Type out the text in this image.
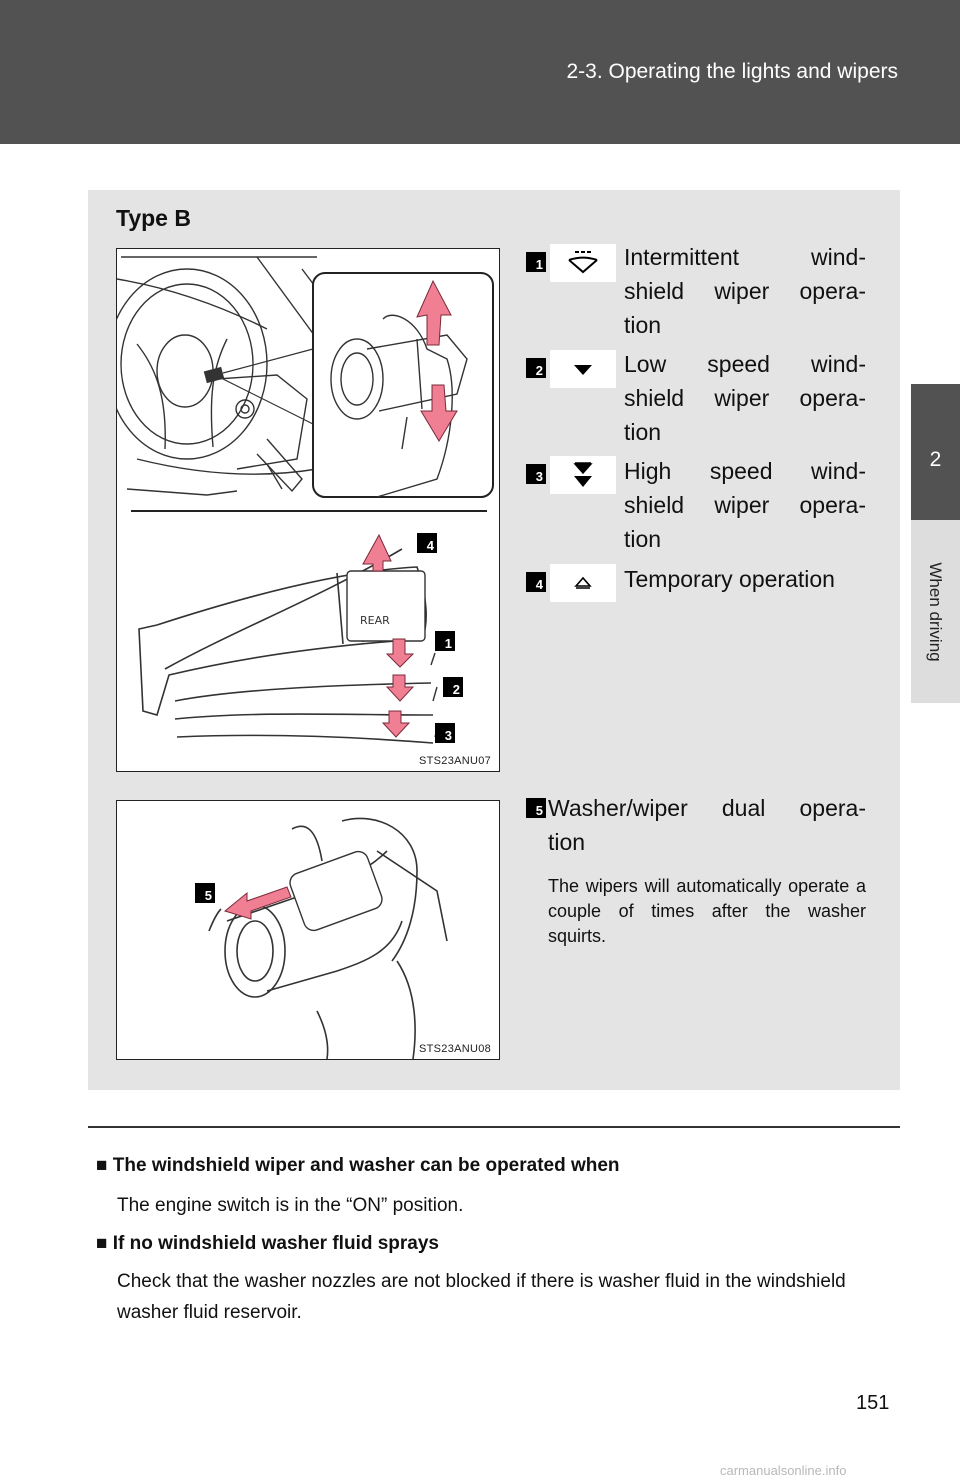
2-3. Operating the lights and wipers
2
When driving
Type B
REAR
4
1
2
3
STS23ANU07
5
STS23ANU08
1	Intermittent wind-
shield wiper opera-
tion
2	Low speed wind-
shield wiper opera-
tion
3	High speed wind-
shield wiper opera-
tion
4	Temporary operation
5 Washer/wiper dual opera-
tion
The wipers will automatically operate a couple of times after the washer squirts.
■ The windshield wiper and washer can be operated when
The engine switch is in the “ON” position.
■ If no windshield washer fluid sprays
Check that the washer nozzles are not blocked if there is washer fluid in the windshield washer fluid reservoir.
151
carmanualsonline.info
